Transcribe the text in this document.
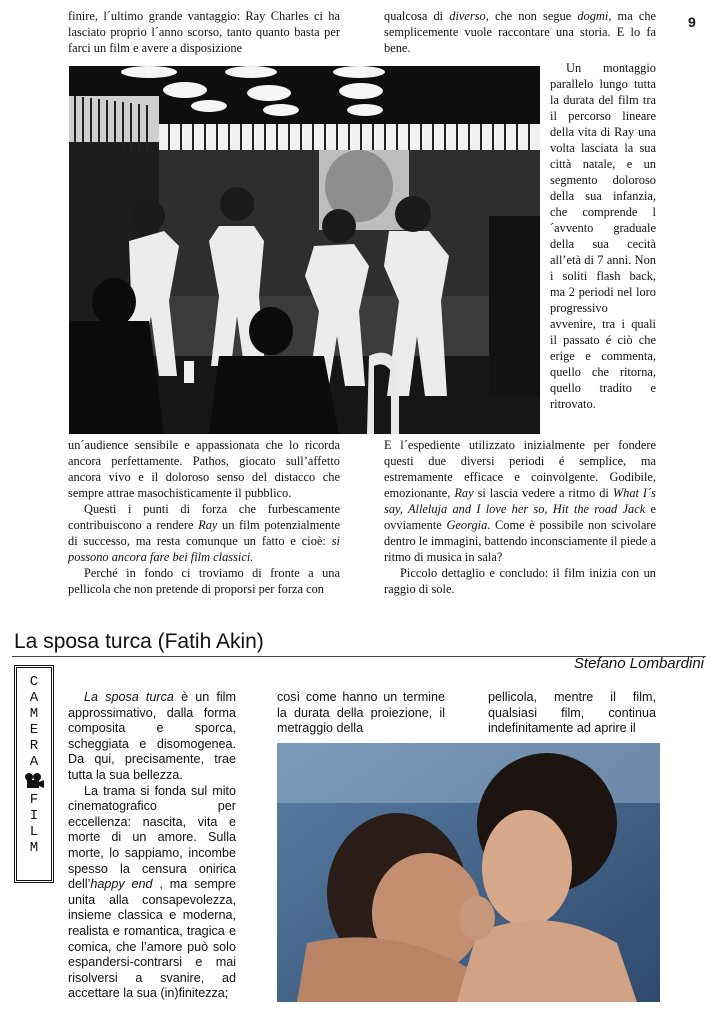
9

finire, l´ultimo grande vantaggio: Ray Charles ci ha lasciato proprio l´anno scorso, tanto quanto basta per farci un film e avere a disposizione

qualcosa di diverso, che non segue dogmi, ma che semplicemente vuole raccontare una storia. E lo fa bene.

Un montaggio parallelo lungo tutta la durata del film tra il percorso lineare della vita di Ray una volta lasciata la sua città natale, e un segmento doloroso della sua infanzia, che comprende l´avvento graduale della sua cecità all’età di 7 anni. Non i soliti flash back, ma 2 periodi nel loro progressivo avvenire, tra i quali il passato é ciò che erige e commenta, quello che ritorna, quello tradito e ritrovato.

un´audience sensibile e appassionata che lo ricorda ancora perfettamente. Pathos, giocato sull’affetto ancora vivo e il doloroso senso del distacco che sempre attrae masochisticamente il pubblico.

Questi i punti di forza che furbescamente contribuiscono a rendere Ray un film potenzialmente di successo, ma resta comunque un fatto e cioè: si possono ancora fare bei film classici.

Perché in fondo ci troviamo di fronte a una pellicola che non pretende di proporsi per forza con

E l´espediente utilizzato inizialmente per fondere questi due diversi periodi é semplice, ma estremamente efficace e coinvolgente. Godibile, emozionante, Ray si lascia vedere a ritmo di What I´s say, Alleluja and I love her so, Hit the road Jack e ovviamente Georgia. Come è possibile non scivolare dentro le immagini, battendo inconsciamente il piede a ritmo di musica in sala?

Piccolo dettaglio e concludo: il film inizia con un raggio di sole.

La sposa turca (Fatih Akin)
Stefano Lombardini
C
A
M
E
R
A
F
I
L
M

La sposa turca è un film approssimativo, dalla forma composita e sporca, scheggiata e disomogenea. Da qui, precisamente, trae tutta la sua bellezza.

La trama si fonda sul mito cinematografico per eccellenza: nascita, vita e morte di un amore. Sulla morte, lo sappiamo, incombe spesso la censura onirica dell’happy end , ma sempre unita alla consapevolezza, insieme classica e moderna, realista e romantica, tragica e comica, che l’amore può solo espandersi-contrarsi e mai risolversi a svanire, ad accettare la sua (in)finitezza;

così come hanno un termine la durata della proiezione, il metraggio della

pellicola, mentre il film, qualsiasi film, continua indefinitamente ad aprire il
